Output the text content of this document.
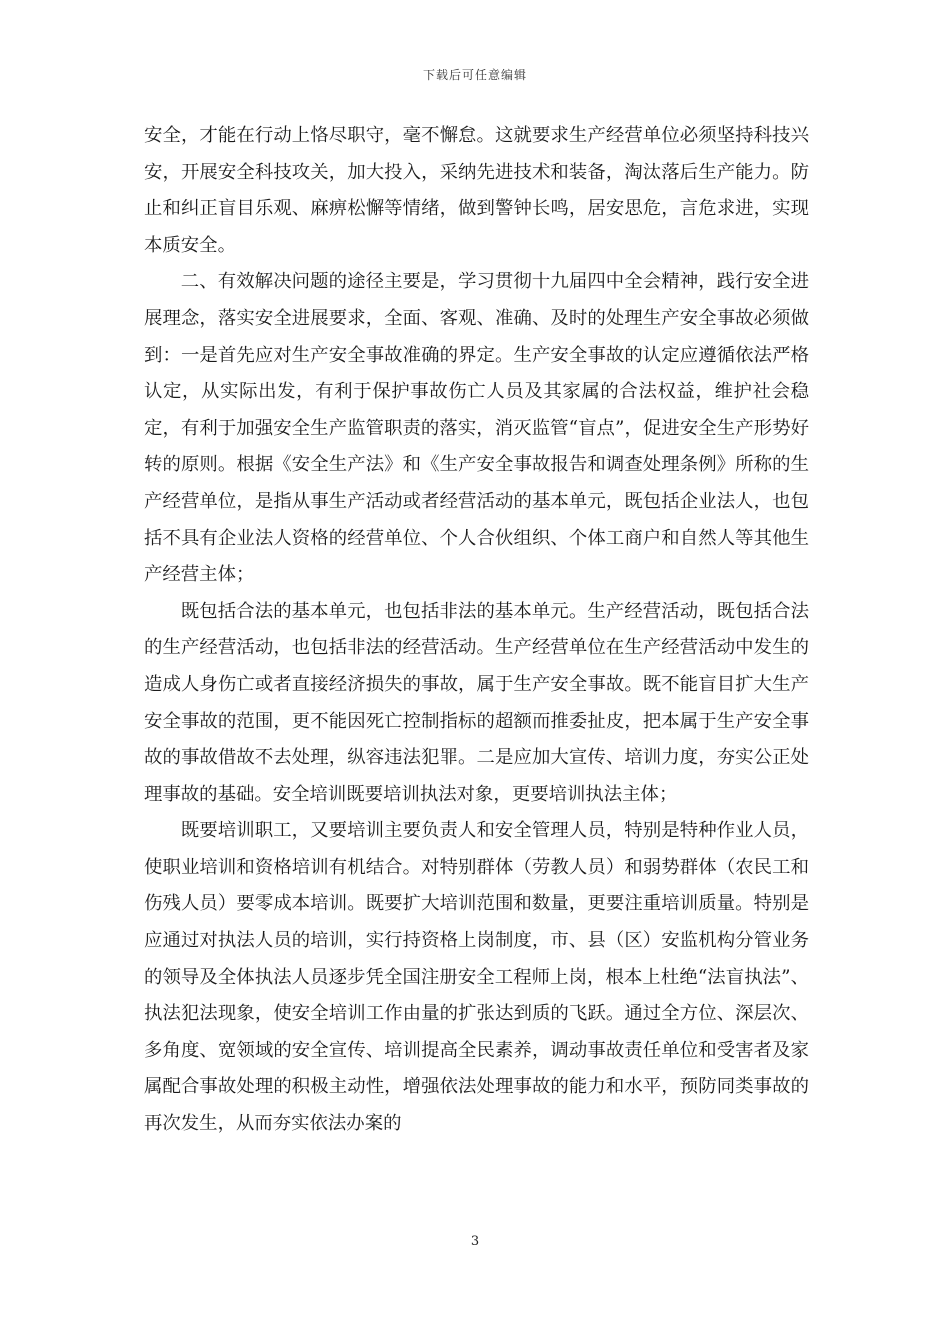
下载后可任意编辑

安全，才能在行动上恪尽职守，毫不懈怠。这就要求生产经营单位必须坚持科技兴安，开展安全科技攻关，加大投入，采纳先进技术和装备，淘汰落后生产能力。防止和纠正盲目乐观、麻痹松懈等情绪，做到警钟长鸣，居安思危，言危求进，实现本质安全。

二、有效解决问题的途径主要是，学习贯彻十九届四中全会精神，践行安全进展理念，落实安全进展要求，全面、客观、准确、及时的处理生产安全事故必须做到：一是首先应对生产安全事故准确的界定。生产安全事故的认定应遵循依法严格认定，从实际出发，有利于保护事故伤亡人员及其家属的合法权益，维护社会稳定，有利于加强安全生产监管职责的落实，消灭监管“盲点”，促进安全生产形势好转的原则。根据《安全生产法》和《生产安全事故报告和调查处理条例》所称的生产经营单位，是指从事生产活动或者经营活动的基本单元，既包括企业法人，也包括不具有企业法人资格的经营单位、个人合伙组织、个体工商户和自然人等其他生产经营主体；

既包括合法的基本单元，也包括非法的基本单元。生产经营活动，既包括合法的生产经营活动，也包括非法的经营活动。生产经营单位在生产经营活动中发生的造成人身伤亡或者直接经济损失的事故，属于生产安全事故。既不能盲目扩大生产安全事故的范围，更不能因死亡控制指标的超额而推委扯皮，把本属于生产安全事故的事故借故不去处理，纵容违法犯罪。二是应加大宣传、培训力度，夯实公正处理事故的基础。安全培训既要培训执法对象，更要培训执法主体；

既要培训职工，又要培训主要负责人和安全管理人员，特别是特种作业人员，使职业培训和资格培训有机结合。对特别群体（劳教人员）和弱势群体（农民工和伤残人员）要零成本培训。既要扩大培训范围和数量，更要注重培训质量。特别是应通过对执法人员的培训，实行持资格上岗制度，市、县（区）安监机构分管业务的领导及全体执法人员逐步凭全国注册安全工程师上岗，根本上杜绝“法盲执法”、执法犯法现象，使安全培训工作由量的扩张达到质的飞跃。通过全方位、深层次、多角度、宽领域的安全宣传、培训提高全民素养，调动事故责任单位和受害者及家属配合事故处理的积极主动性，增强依法处理事故的能力和水平，预防同类事故的再次发生，从而夯实依法办案的

3
